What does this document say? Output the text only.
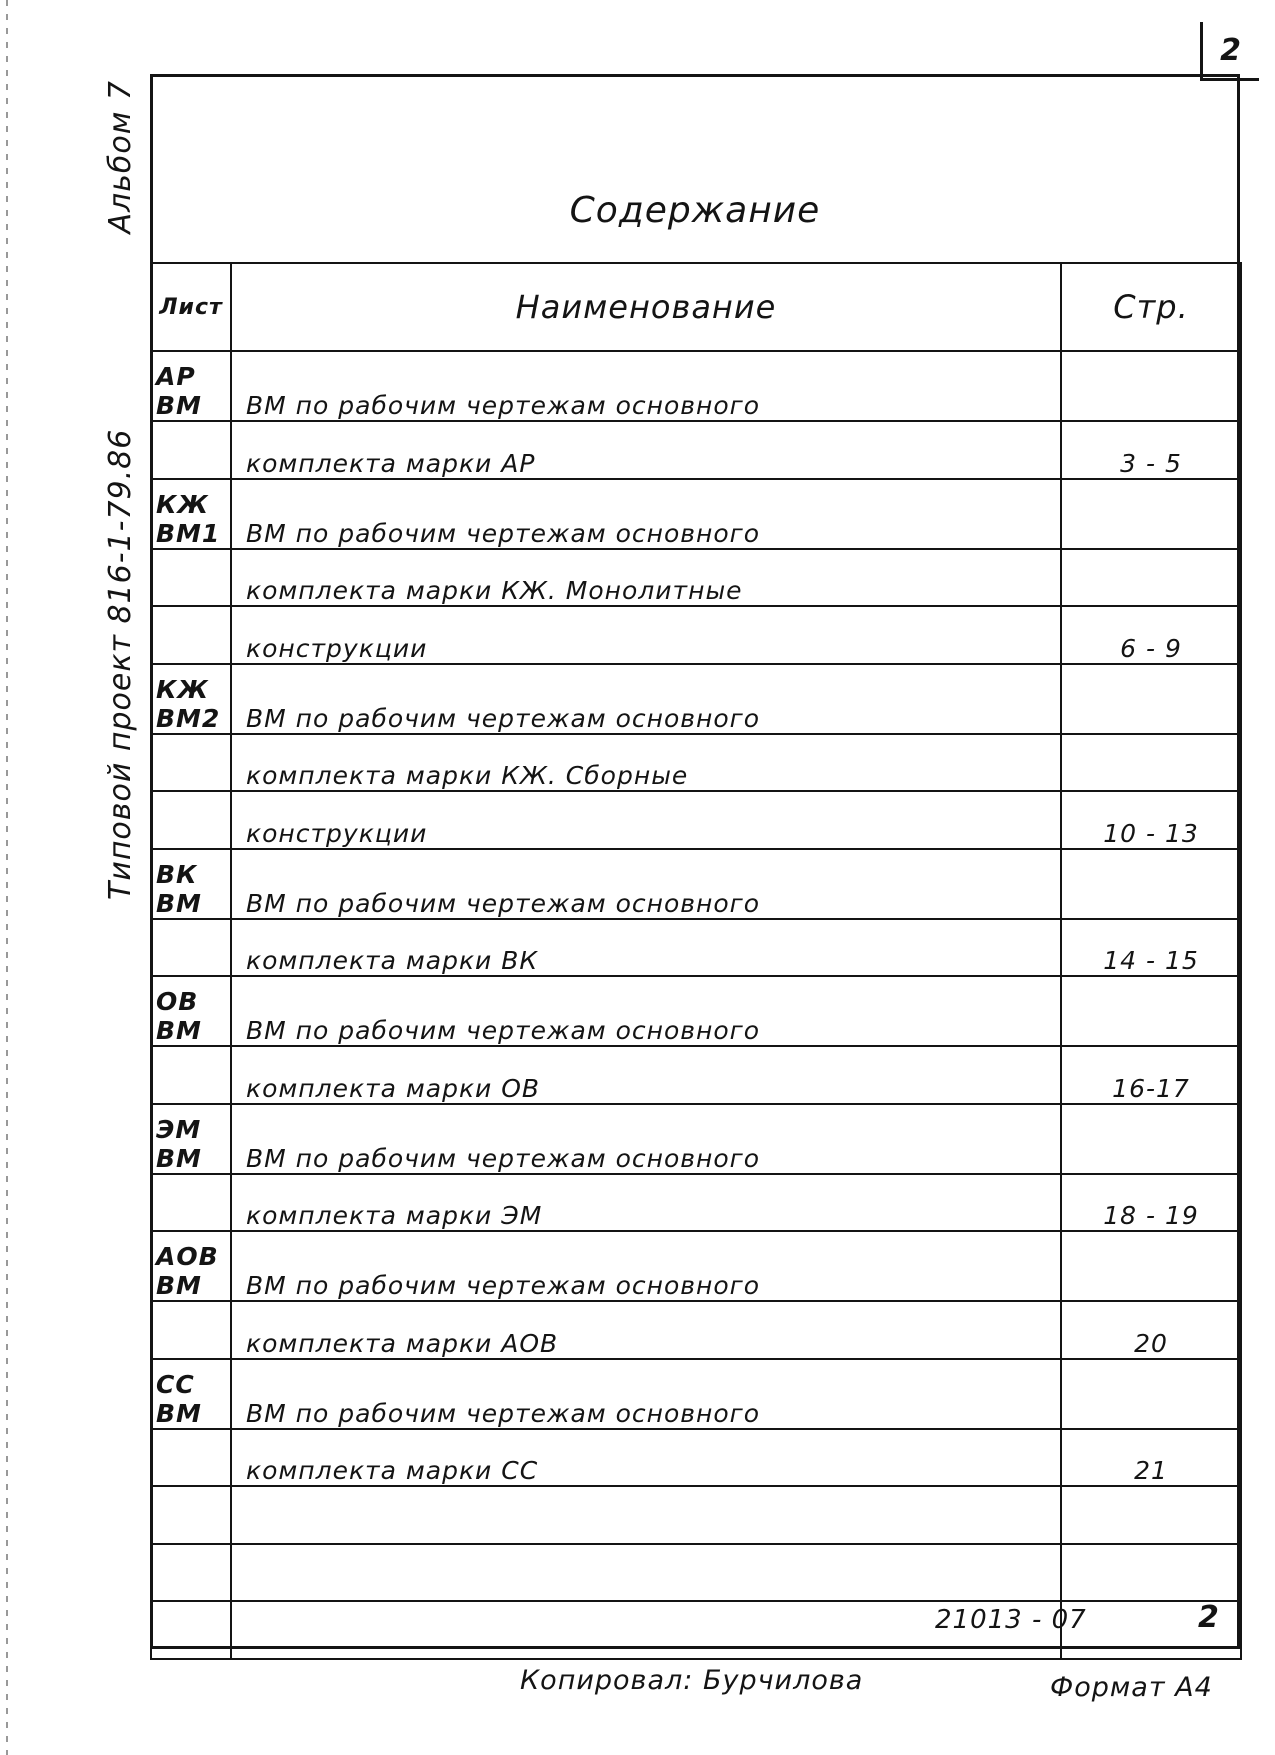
2
Типовой проект 816-1-79.86
Альбом 7	Содержание
Лист	Наименование	Стр.
АР ВМ	ВМ по рабочим чертежам основного	
	комплекта марки АР	3 - 5
КЖ ВМ1	ВМ по рабочим чертежам основного	
	комплекта марки КЖ. Монолитные	
	конструкции	6 - 9
КЖ ВМ2	ВМ по рабочим чертежам основного	
	комплекта марки КЖ. Сборные	
	конструкции	10 - 13
ВК ВМ	ВМ по рабочим чертежам основного	
	комплекта марки ВК	14 - 15
ОВ ВМ	ВМ по рабочим чертежам основного	
	комплекта марки ОВ	16-17
ЭМ ВМ	ВМ по рабочим чертежам основного	
	комплекта марки ЭМ	18 - 19
АОВ ВМ	ВМ по рабочим чертежам основного	
	комплекта марки АОВ	20
СС ВМ	ВМ по рабочим чертежам основного	
	комплекта марки СС	21

21013 - 07	2
Копировал: Бурчилова	Формат А4
